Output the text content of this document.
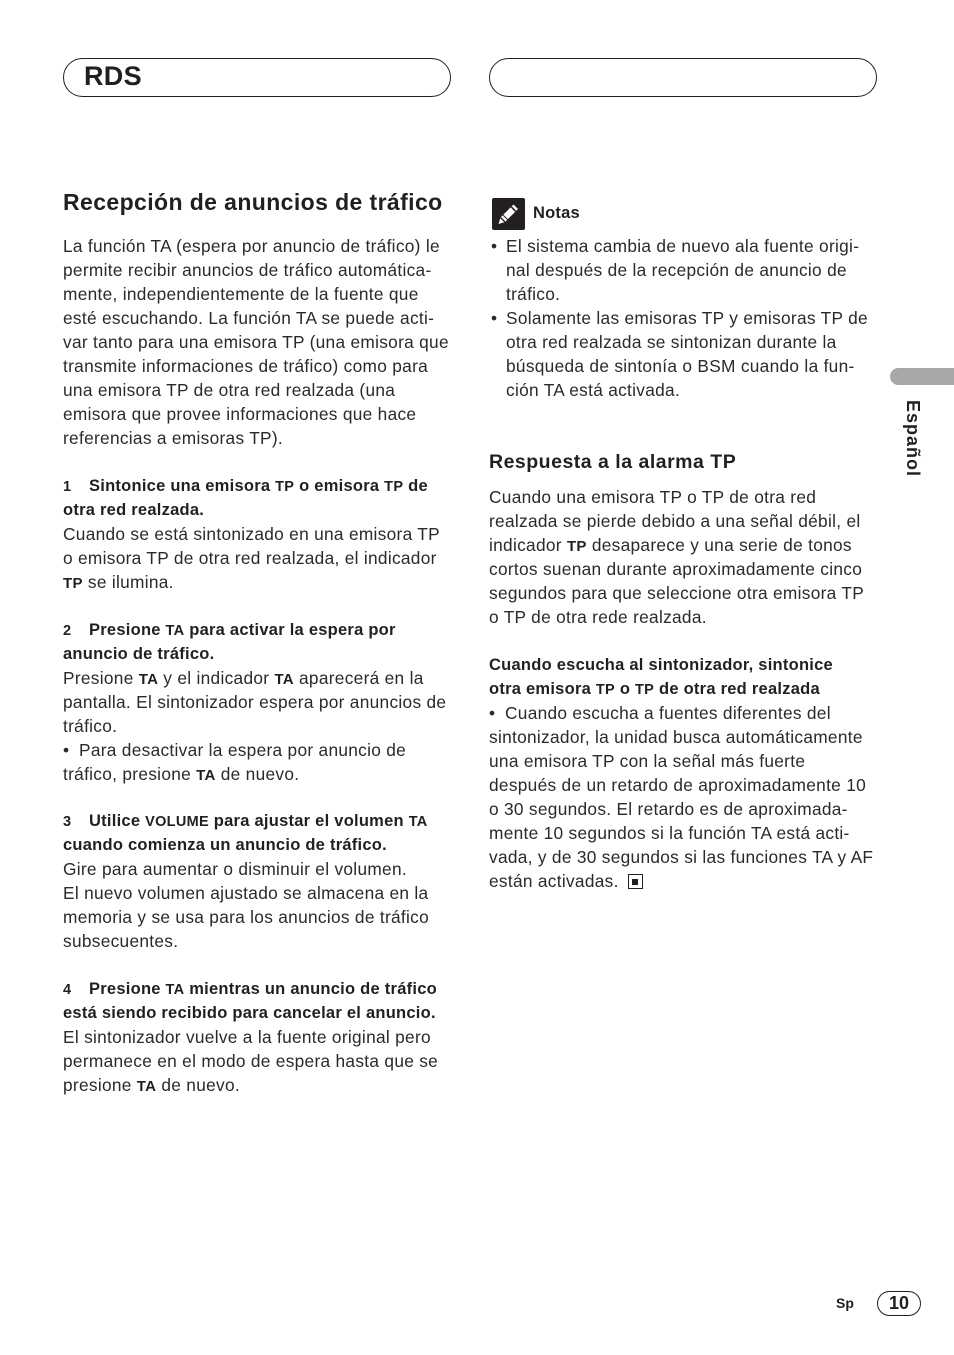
RDS
Recepción de anuncios de tráfico
La función TA (espera por anuncio de tráfico) le
permite recibir anuncios de tráfico automática-
mente, independientemente de la fuente que
esté escuchando. La función TA se puede acti-
var tanto para una emisora TP (una emisora que
transmite informaciones de tráfico) como para
una emisora TP de otra red realzada (una
emisora que provee informaciones que hace
referencias a emisoras TP).
1 Sintonice una emisora TP o emisora TP de
otra red realzada.
Cuando se está sintonizado en una emisora TP
o emisora TP de otra red realzada, el indicador
TP se ilumina.
2 Presione TA para activar la espera por
anuncio de tráfico.
Presione TA y el indicador TA aparecerá en la
pantalla. El sintonizador espera por anuncios de
tráfico.
• Para desactivar la espera por anuncio de
tráfico, presione TA de nuevo.
3 Utilice VOLUME para ajustar el volumen TA
cuando comienza un anuncio de tráfico.
Gire para aumentar o disminuir el volumen.
El nuevo volumen ajustado se almacena en la
memoria y se usa para los anuncios de tráfico
subsecuentes.
4 Presione TA mientras un anuncio de tráfico
está siendo recibido para cancelar el anuncio.
El sintonizador vuelve a la fuente original pero
permanece en el modo de espera hasta que se
presione TA de nuevo.
Notas
• El sistema cambia de nuevo ala fuente origi-
nal después de la recepción de anuncio de
tráfico.
• Solamente las emisoras TP y emisoras TP de
otra red realzada se sintonizan durante la
búsqueda de sintonía o BSM cuando la fun-
ción TA está activada.
Respuesta a la alarma TP
Cuando una emisora TP o TP de otra red
realzada se pierde debido a una señal débil, el
indicador TP desaparece y una serie de tonos
cortos suenan durante aproximadamente cinco
segundos para que seleccione otra emisora TP
o TP de otra rede realzada.
Cuando escucha al sintonizador, sintonice
otra emisora TP o TP de otra red realzada
• Cuando escucha a fuentes diferentes del
sintonizador, la unidad busca automáticamente
una emisora TP con la señal más fuerte
después de un retardo de aproximadamente 10
o 30 segundos. El retardo es de aproximada-
mente 10 segundos si la función TA está acti-
vada, y de 30 segundos si las funciones TA y AF
están activadas.
Español
Sp	10
